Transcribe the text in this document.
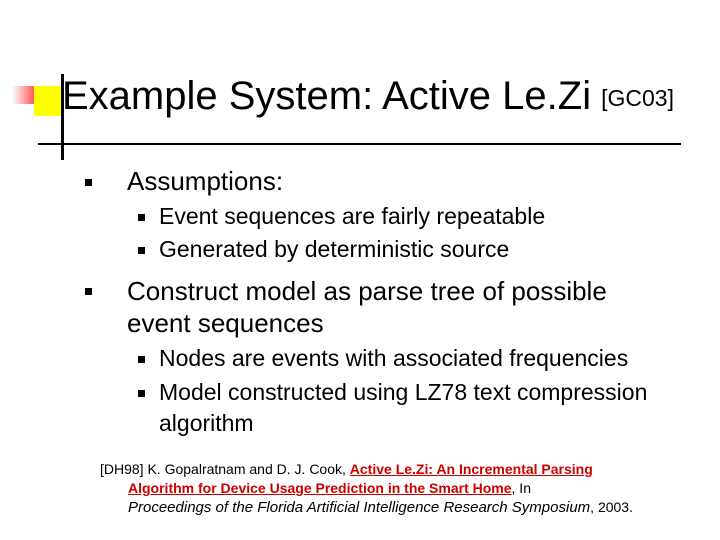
Example System: Active Le.Zi [GC03]
Assumptions:
Event sequences are fairly repeatable
Generated by deterministic source
Construct model as parse tree of possible
event sequences
Nodes are events with associated frequencies
Model constructed using LZ78 text compression
algorithm
[DH98] K. Gopalratnam and D. J. Cook, Active Le.Zi: An Incremental Parsing
Algorithm for Device Usage Prediction in the Smart Home, In
Proceedings of the Florida Artificial Intelligence Research Symposium, 2003.
